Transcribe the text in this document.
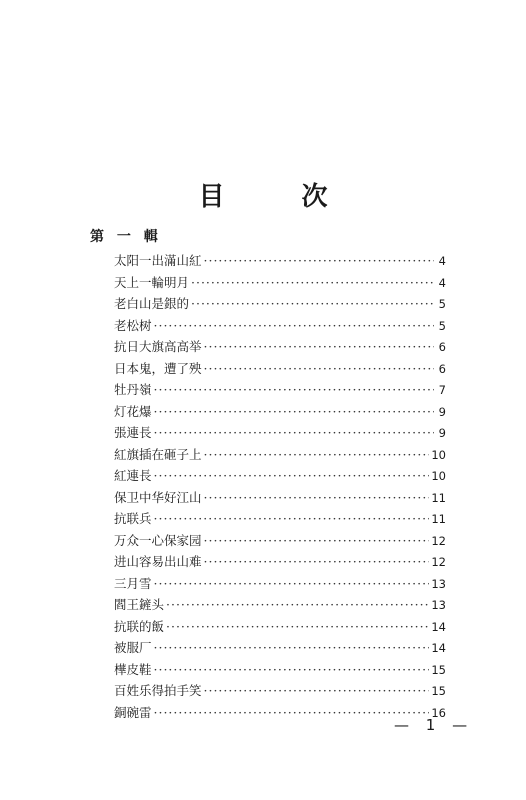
目 次
第 一 輯
太阳一出滿山紅 ·····	4
天上一輪明月 ·····	4
老白山是銀的 ·····	5
老松树 ·····	5
抗日大旗高高举 ·····	6
日本鬼，遭了殃 ·····	6
牡丹嶺 ·····	7
灯花爆 ·····	9
張連長 ·····	9
紅旗插在砸子上 ·····	10
紅連長 ·····	10
保卫中华好江山 ·····	11
抗联兵 ·····	11
万众一心保家园 ·····	12
进山容易出山难 ·····	12
三月雪 ·····	13
閻王鏟头 ·····	13
抗联的飯 ·····	14
被服厂 ·····	14
樺皮鞋 ·····	15
百姓乐得拍手笑 ·····	15
銅碗雷 ·····	16
— 1 —
